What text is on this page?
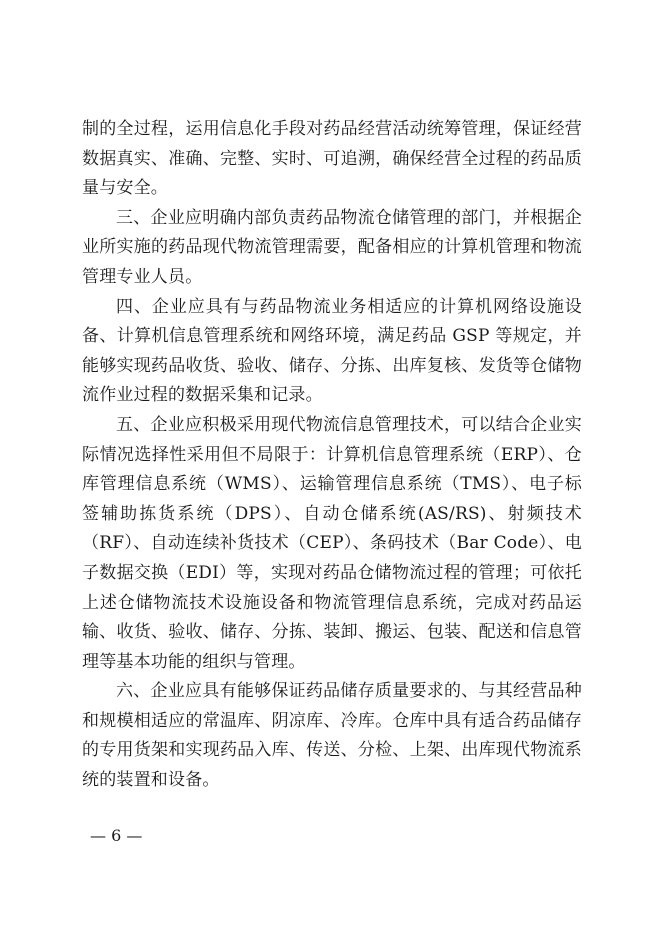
制的全过程，运用信息化手段对药品经营活动统筹管理，保证经营数据真实、准确、完整、实时、可追溯，确保经营全过程的药品质量与安全。

三、企业应明确内部负责药品物流仓储管理的部门，并根据企业所实施的药品现代物流管理需要，配备相应的计算机管理和物流管理专业人员。

四、企业应具有与药品物流业务相适应的计算机网络设施设备、计算机信息管理系统和网络环境，满足药品 GSP 等规定，并能够实现药品收货、验收、储存、分拣、出库复核、发货等仓储物流作业过程的数据采集和记录。

五、企业应积极采用现代物流信息管理技术，可以结合企业实际情况选择性采用但不局限于：计算机信息管理系统（ERP）、仓库管理信息系统（WMS）、运输管理信息系统（TMS）、电子标签辅助拣货系统（DPS）、自动仓储系统(AS/RS)、射频技术（RF）、自动连续补货技术（CEP）、条码技术（Bar Code）、电子数据交换（EDI）等，实现对药品仓储物流过程的管理；可依托上述仓储物流技术设施设备和物流管理信息系统，完成对药品运输、收货、验收、储存、分拣、装卸、搬运、包装、配送和信息管理等基本功能的组织与管理。

六、企业应具有能够保证药品储存质量要求的、与其经营品种和规模相适应的常温库、阴凉库、冷库。仓库中具有适合药品储存的专用货架和实现药品入库、传送、分检、上架、出库现代物流系统的装置和设备。

— 6 —
